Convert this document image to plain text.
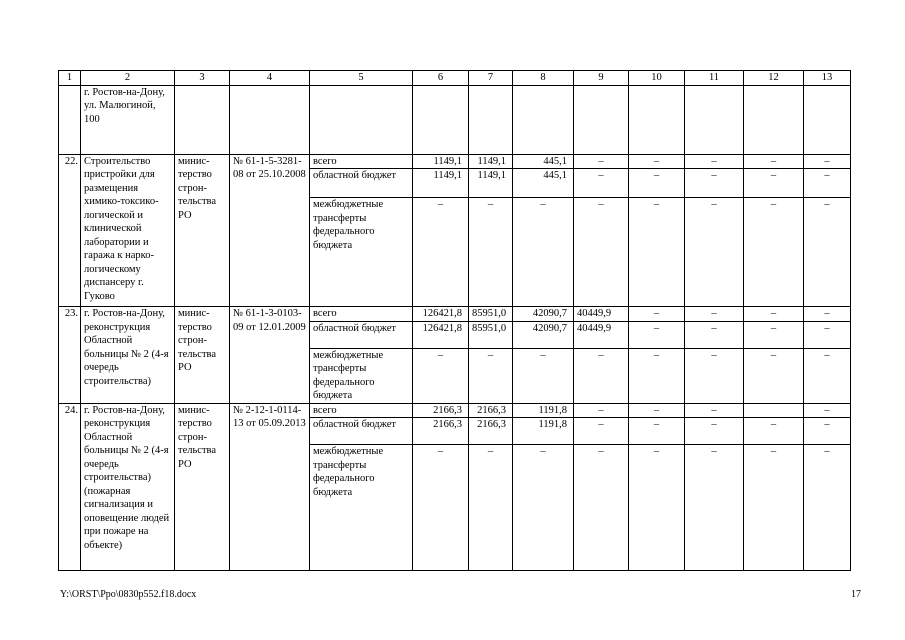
1	2	3	4	5	6	7	8	9	10	11	12	13
	г. Ростов-на-Дону, ул. Малюгиной, 100											
22.	Строительство пристройки для размещения химико-токсико-логической и клинической лаборатории и гаража к нарко-логическому диспансеру г. Гуково	минис-терство строн-тельства РО	№ 61-1-5-3281-08 от 25.10.2008	всего	1149,1	1149,1	445,1	–	–	–	–	–
				областной бюджет	1149,1	1149,1	445,1	–	–	–	–	–
				межбюджетные трансферты федерального бюджета	–	–	–	–	–	–	–	–
23.	г. Ростов-на-Дону, реконструкция Областной больницы № 2 (4-я очередь строительства)	минис-терство строн-тельства РО	№ 61-1-3-0103-09 от 12.01.2009	всего	126421,8	85951,0	42090,7	40449,9	–	–	–	–
				областной бюджет	126421,8	85951,0	42090,7	40449,9	–	–	–	–
				межбюджетные трансферты федерального бюджета	–	–	–	–	–	–	–	–
24.	г. Ростов-на-Дону, реконструкция Областной больницы № 2 (4-я очередь строительства) (пожарная сигнализация и оповещение людей при пожаре на объекте)	минис-терство строн-тельства РО	№ 2-12-1-0114-13 от 05.09.2013	всего	2166,3	2166,3	1191,8	–	–	–		–
				областной бюджет	2166,3	2166,3	1191,8	–	–	–	–	–
				межбюджетные трансферты федерального бюджета	–	–	–	–	–	–	–	–
Y:\ORST\Ppo\0830p552.f18.docx	17
